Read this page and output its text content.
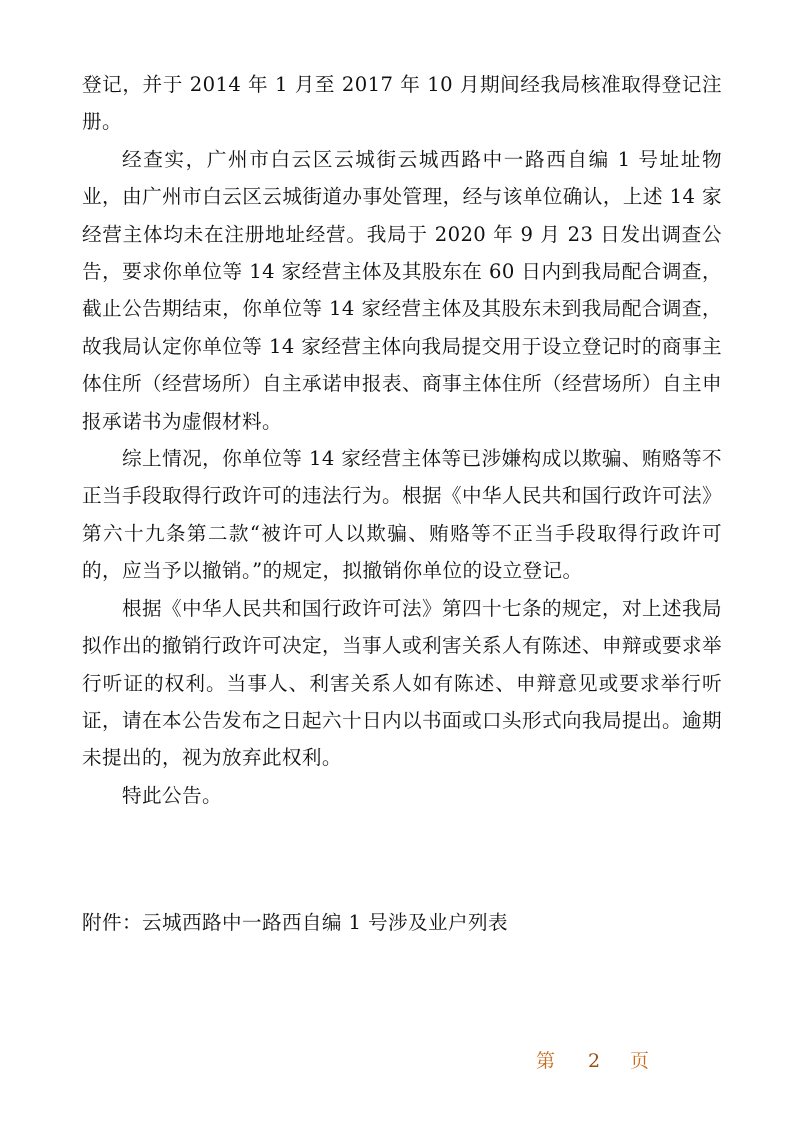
登记，并于 2014 年 1 月至 2017 年 10 月期间经我局核准取得登记注册。

经查实，广州市白云区云城街云城西路中一路西自编 1 号址址物业，由广州市白云区云城街道办事处管理，经与该单位确认，上述 14 家经营主体均未在注册地址经营。我局于 2020 年 9 月 23 日发出调查公告，要求你单位等 14 家经营主体及其股东在 60 日内到我局配合调查，截止公告期结束，你单位等 14 家经营主体及其股东未到我局配合调查，故我局认定你单位等 14 家经营主体向我局提交用于设立登记时的商事主体住所（经营场所）自主承诺申报表、商事主体住所（经营场所）自主申报承诺书为虚假材料。

综上情况，你单位等 14 家经营主体等已涉嫌构成以欺骗、贿赂等不正当手段取得行政许可的违法行为。根据《中华人民共和国行政许可法》第六十九条第二款“被许可人以欺骗、贿赂等不正当手段取得行政许可的，应当予以撤销。”的规定，拟撤销你单位的设立登记。

根据《中华人民共和国行政许可法》第四十七条的规定，对上述我局拟作出的撤销行政许可决定，当事人或利害关系人有陈述、申辩或要求举行听证的权利。当事人、利害关系人如有陈述、申辩意见或要求举行听证，请在本公告发布之日起六十日内以书面或口头形式向我局提出。逾期未提出的，视为放弃此权利。

特此公告。

附件：云城西路中一路西自编 1 号涉及业户列表

第 2 页
